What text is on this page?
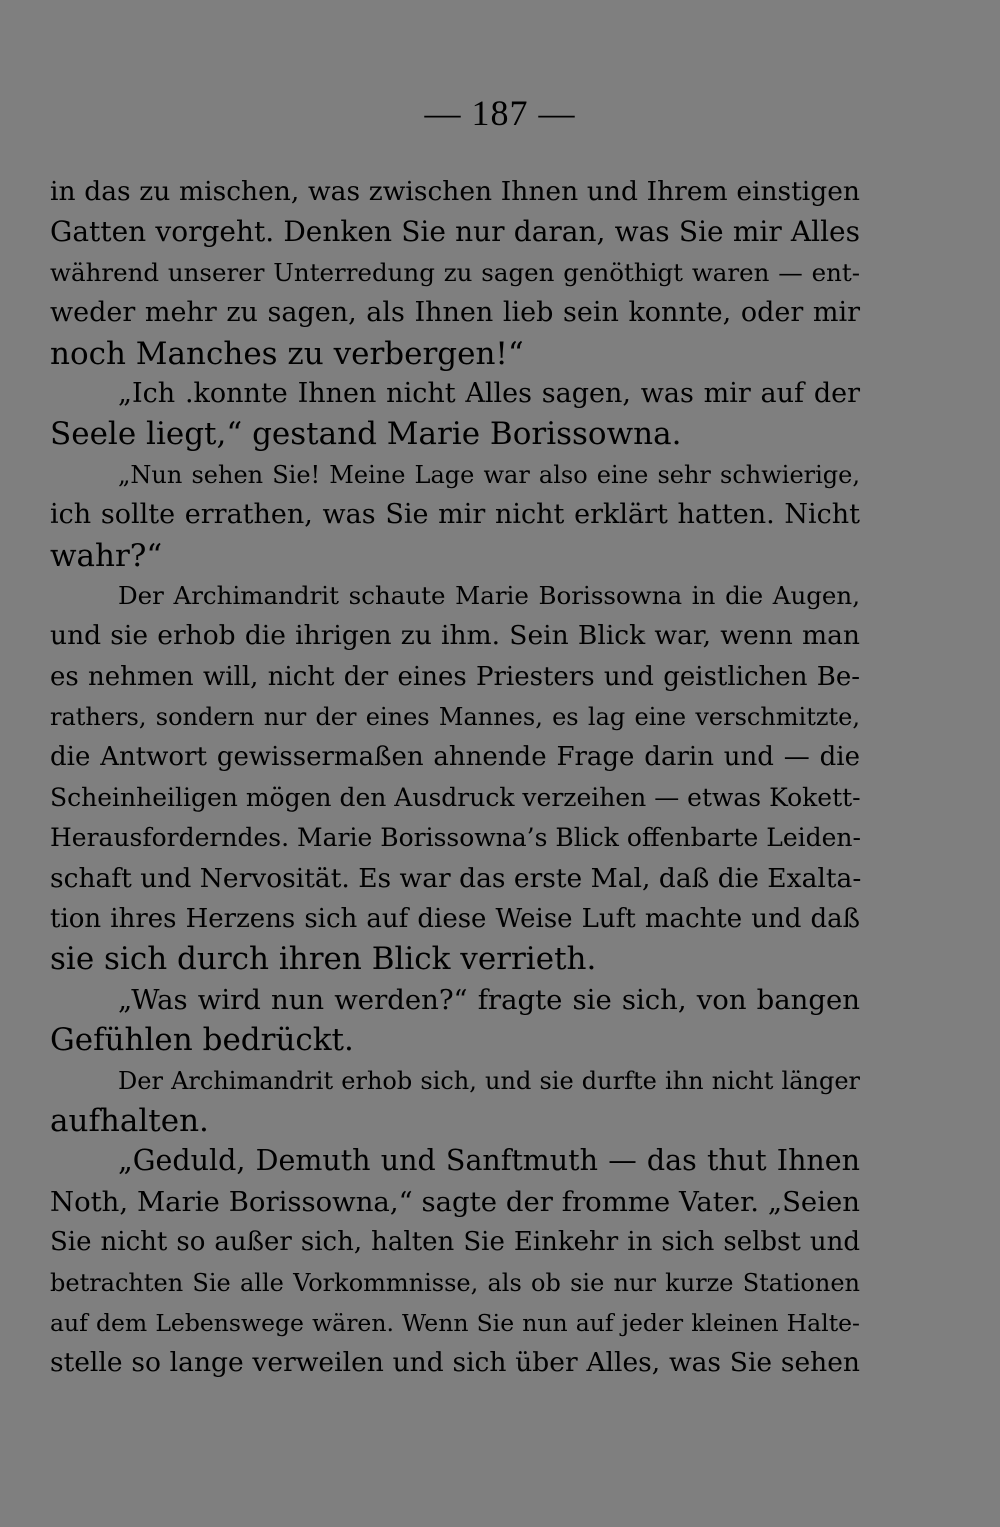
— 187 —
in das zu mischen, was zwischen Ihnen und Ihrem einstigen
Gatten vorgeht. Denken Sie nur daran, was Sie mir Alles
während unserer Unterredung zu sagen genöthigt waren — ent-
weder mehr zu sagen, als Ihnen lieb sein konnte, oder mir
noch Manches zu verbergen!“
„Ich .konnte Ihnen nicht Alles sagen, was mir auf der
Seele liegt,“ gestand Marie Borissowna.
„Nun sehen Sie! Meine Lage war also eine sehr schwierige,
ich sollte errathen, was Sie mir nicht erklärt hatten. Nicht
wahr?“
Der Archimandrit schaute Marie Borissowna in die Augen,
und sie erhob die ihrigen zu ihm. Sein Blick war, wenn man
es nehmen will, nicht der eines Priesters und geistlichen Be-
rathers, sondern nur der eines Mannes, es lag eine verschmitzte,
die Antwort gewissermaßen ahnende Frage darin und — die
Scheinheiligen mögen den Ausdruck verzeihen — etwas Kokett-
Herausforderndes. Marie Borissowna’s Blick offenbarte Leiden-
schaft und Nervosität. Es war das erste Mal, daß die Exalta-
tion ihres Herzens sich auf diese Weise Luft machte und daß
sie sich durch ihren Blick verrieth.
„Was wird nun werden?“ fragte sie sich, von bangen
Gefühlen bedrückt.
Der Archimandrit erhob sich, und sie durfte ihn nicht länger
aufhalten.
„Geduld, Demuth und Sanftmuth — das thut Ihnen
Noth, Marie Borissowna,“ sagte der fromme Vater. „Seien
Sie nicht so außer sich, halten Sie Einkehr in sich selbst und
betrachten Sie alle Vorkommnisse, als ob sie nur kurze Stationen
auf dem Lebenswege wären. Wenn Sie nun auf jeder kleinen Halte-
stelle so lange verweilen und sich über Alles, was Sie sehen
